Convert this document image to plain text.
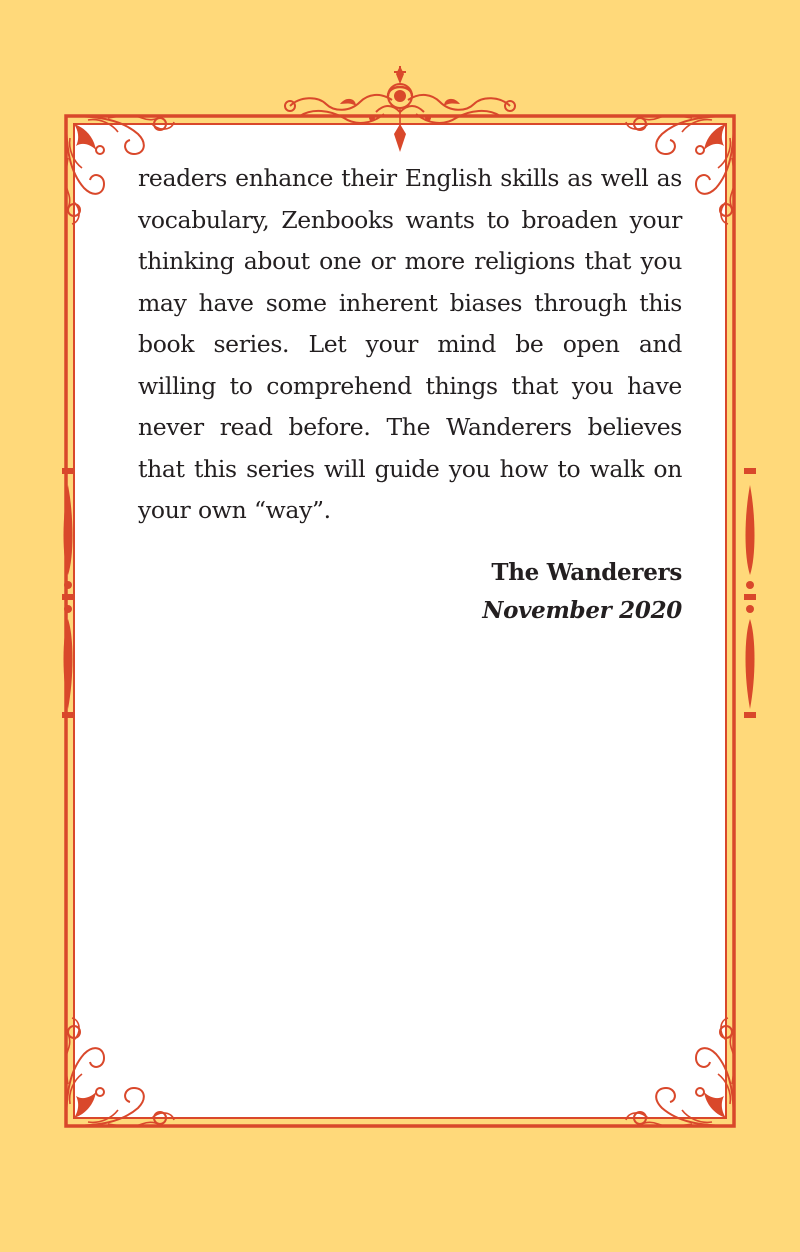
readers enhance their English skills as well as vocabulary, Zenbooks wants to broaden your thinking about one or more religions that you may have some inherent biases through this book series. Let your mind be open and willing to comprehend things that you have never read before. The Wanderers believes that this series will guide you how to walk on your own “way”.

The Wanderers
November 2020
